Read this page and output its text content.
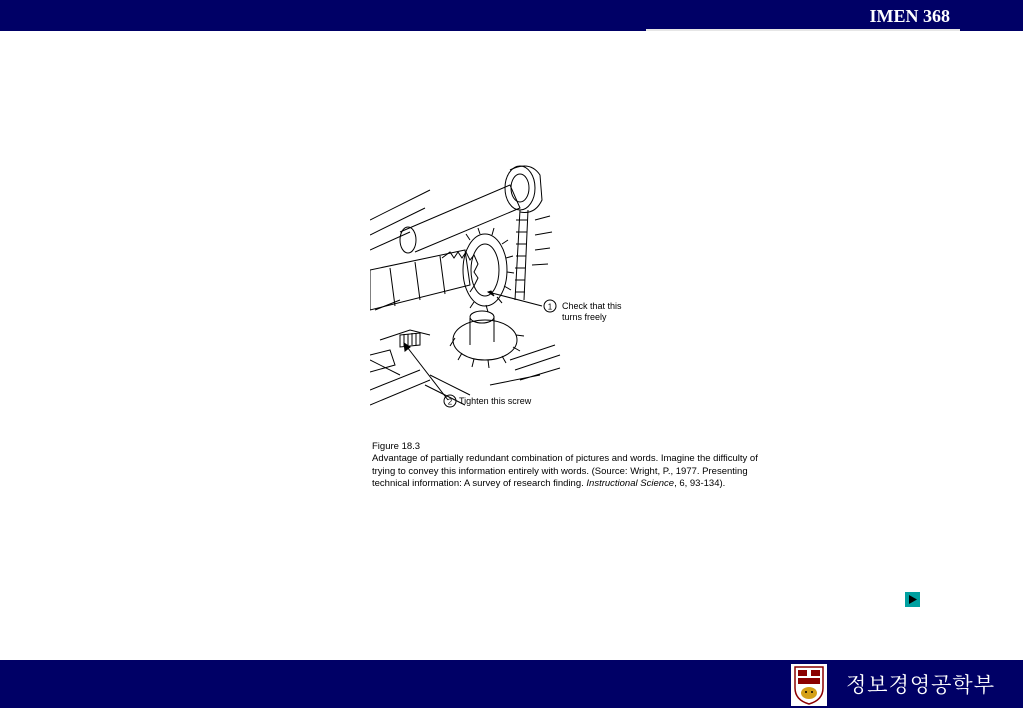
IMEN 368
1
2
Check that this turns freely
Tighten this screw
Figure 18.3
Advantage of partially redundant combination of pictures and words. Imagine the difficulty of trying to convey this information entirely with words. (Source: Wright, P., 1977. Presenting technical information: A survey of research finding. Instructional Science, 6, 93-134).
정보경영공학부
